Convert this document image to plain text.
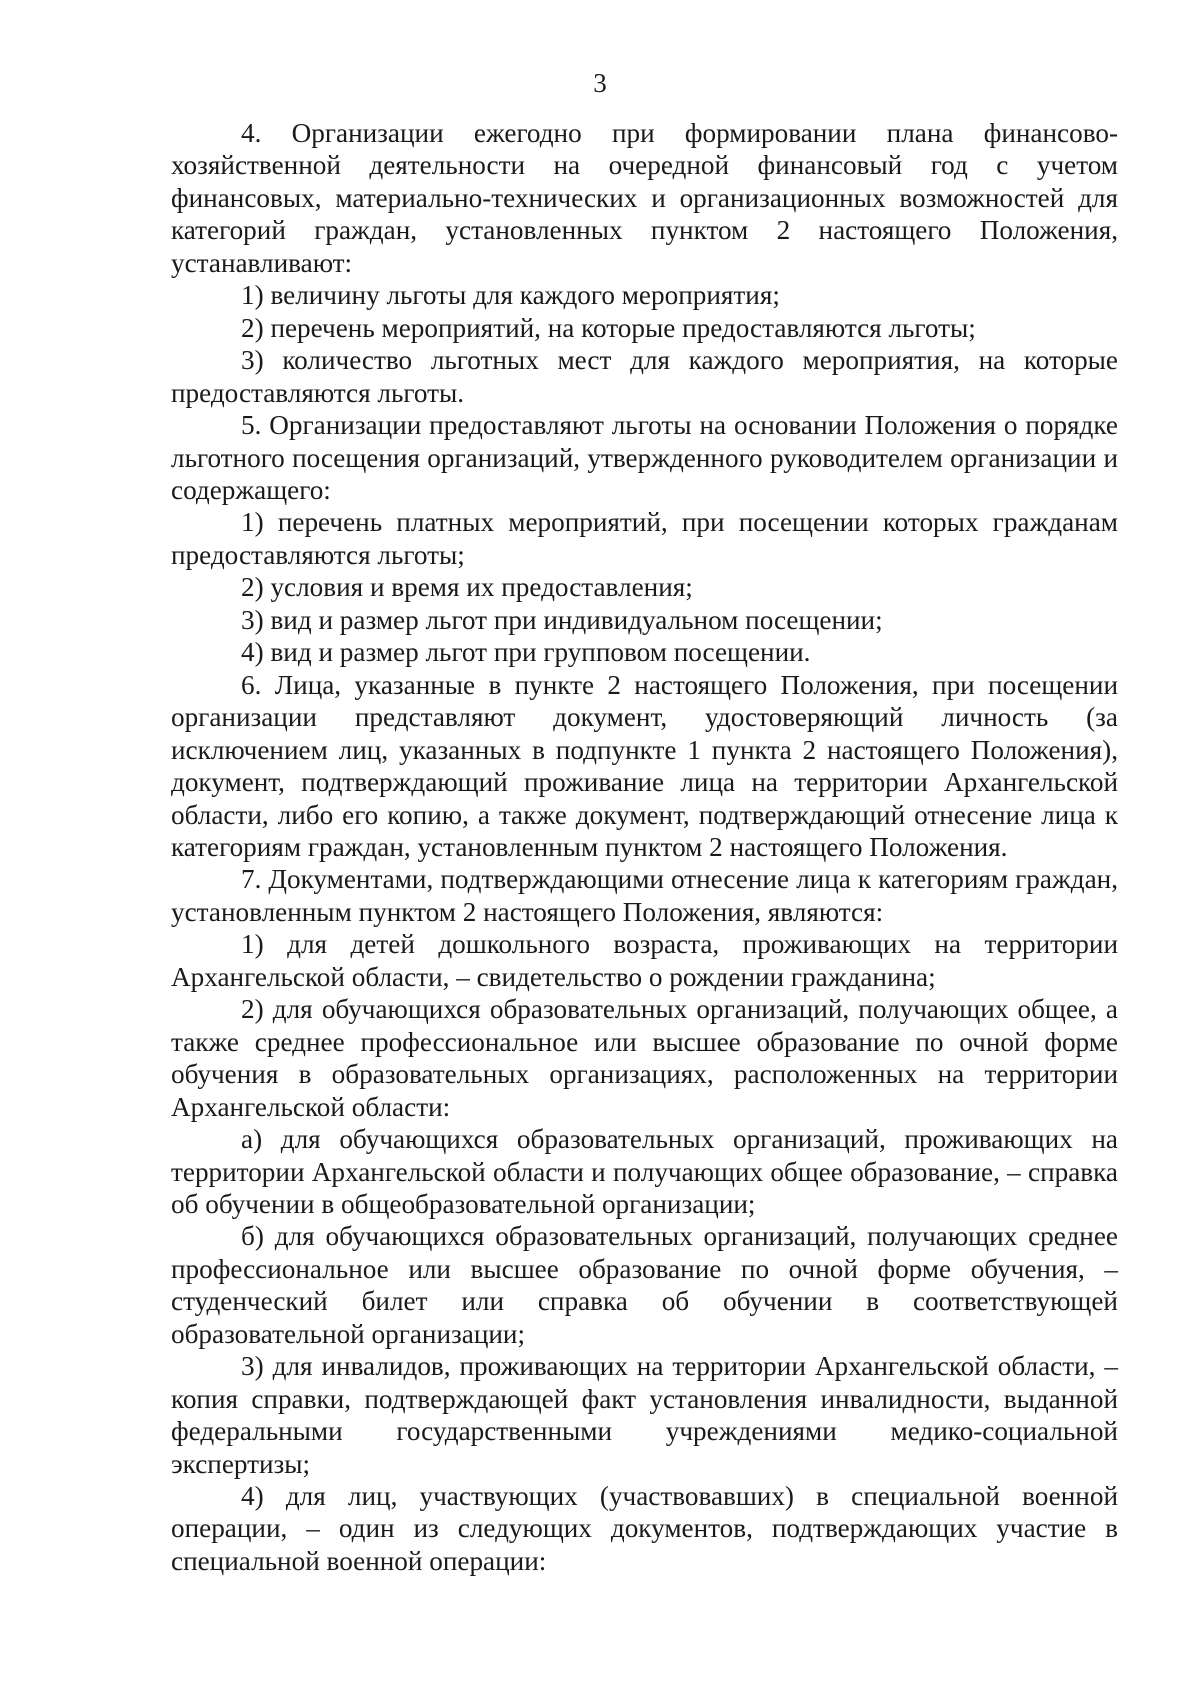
3

4. Организации ежегодно при формировании плана финансово-хозяйственной деятельности на очередной финансовый год с учетом финансовых, материально-технических и организационных возможностей для категорий граждан, установленных пунктом 2 настоящего Положения, устанавливают:

1) величину льготы для каждого мероприятия;

2) перечень мероприятий, на которые предоставляются льготы;

3) количество льготных мест для каждого мероприятия, на которые предоставляются льготы.

5. Организации предоставляют льготы на основании Положения о порядке льготного посещения организаций, утвержденного руководителем организации и содержащего:

1) перечень платных мероприятий, при посещении которых гражданам предоставляются льготы;

2) условия и время их предоставления;

3) вид и размер льгот при индивидуальном посещении;

4) вид и размер льгот при групповом посещении.

6. Лица, указанные в пункте 2 настоящего Положения, при посещении организации представляют документ, удостоверяющий личность (за исключением лиц, указанных в подпункте 1 пункта 2 настоящего Положения), документ, подтверждающий проживание лица на территории Архангельской области, либо его копию, а также документ, подтверждающий отнесение лица к категориям граждан, установленным пунктом 2 настоящего Положения.

7. Документами, подтверждающими отнесение лица к категориям граждан, установленным пунктом 2 настоящего Положения, являются:

1) для детей дошкольного возраста, проживающих на территории Архангельской области, – свидетельство о рождении гражданина;

2) для обучающихся образовательных организаций, получающих общее, а также среднее профессиональное или высшее образование по очной форме обучения в образовательных организациях, расположенных на территории Архангельской области:

а) для обучающихся образовательных организаций, проживающих на территории Архангельской области и получающих общее образование, – справка об обучении в общеобразовательной организации;

б) для обучающихся образовательных организаций, получающих среднее профессиональное или высшее образование по очной форме обучения, – студенческий билет или справка об обучении в соответствующей образовательной организации;

3) для инвалидов, проживающих на территории Архангельской области, – копия справки, подтверждающей факт установления инвалидности, выданной федеральными государственными учреждениями медико-социальной экспертизы;

4) для лиц, участвующих (участвовавших) в специальной военной операции, – один из следующих документов, подтверждающих участие в специальной военной операции:
